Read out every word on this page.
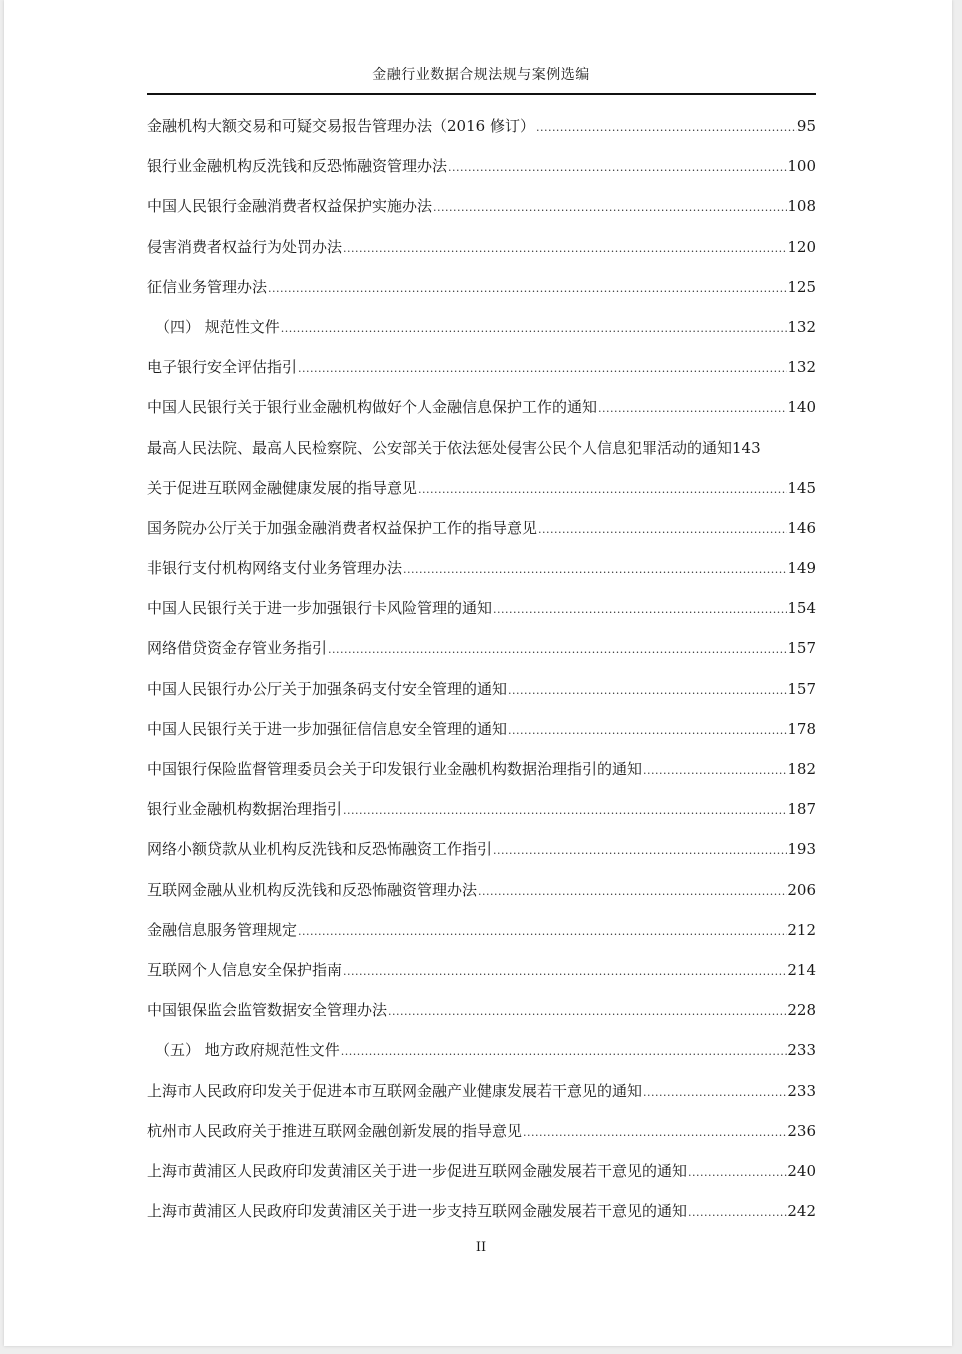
金融行业数据合规法规与案例选编
金融机构大额交易和可疑交易报告管理办法（2016 修订） .....	95
银行业金融机构反洗钱和反恐怖融资管理办法 .....	100
中国人民银行金融消费者权益保护实施办法 .....	108
侵害消费者权益行为处罚办法 .....	120
征信业务管理办法 .....	125
（四） 规范性文件 .....	132
电子银行安全评估指引 .....	132
中国人民银行关于银行业金融机构做好个人金融信息保护工作的通知 .....	140
最高人民法院、最高人民检察院、公安部关于依法惩处侵害公民个人信息犯罪活动的通知 143
关于促进互联网金融健康发展的指导意见 .....	145
国务院办公厅关于加强金融消费者权益保护工作的指导意见 .....	146
非银行支付机构网络支付业务管理办法 .....	149
中国人民银行关于进一步加强银行卡风险管理的通知 .....	154
网络借贷资金存管业务指引 .....	157
中国人民银行办公厅关于加强条码支付安全管理的通知 .....	157
中国人民银行关于进一步加强征信信息安全管理的通知 .....	178
中国银行保险监督管理委员会关于印发银行业金融机构数据治理指引的通知 .....	182
银行业金融机构数据治理指引 .....	187
网络小额贷款从业机构反洗钱和反恐怖融资工作指引 .....	193
互联网金融从业机构反洗钱和反恐怖融资管理办法 .....	206
金融信息服务管理规定 .....	212
互联网个人信息安全保护指南 .....	214
中国银保监会监管数据安全管理办法 .....	228
（五） 地方政府规范性文件 .....	233
上海市人民政府印发关于促进本市互联网金融产业健康发展若干意见的通知 .....	233
杭州市人民政府关于推进互联网金融创新发展的指导意见 .....	236
上海市黄浦区人民政府印发黄浦区关于进一步促进互联网金融发展若干意见的通知 .....	240
上海市黄浦区人民政府印发黄浦区关于进一步支持互联网金融发展若干意见的通知 .....	242
II
